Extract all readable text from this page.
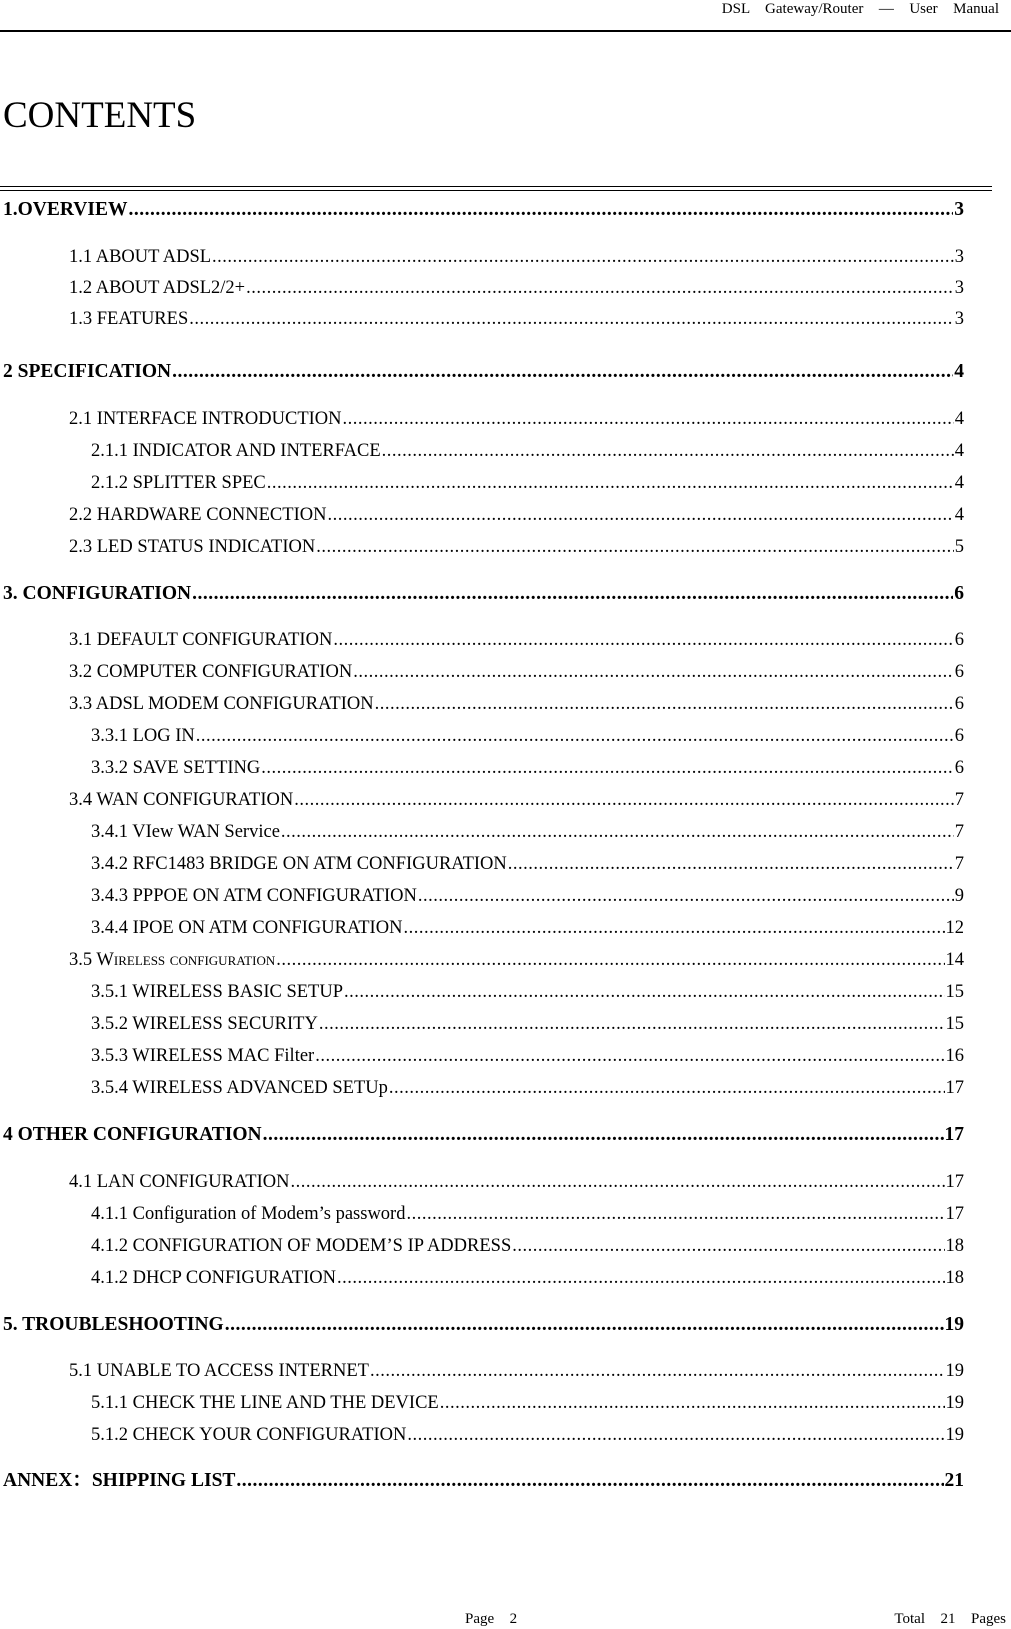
DSL  Gateway/Router  —  User  Manual
CONTENTS
1.OVERVIEW .....	3
1.1 ABOUT ADSL .....	3
1.2 ABOUT ADSL2/2+ .....	3
1.3 FEATURES .....	3
2 SPECIFICATION .....	4
2.1 INTERFACE INTRODUCTION .....	4
2.1.1 INDICATOR AND INTERFACE .....	4
2.1.2 SPLITTER SPEC .....	4
2.2 HARDWARE CONNECTION .....	4
2.3 LED STATUS INDICATION .....	5
3. CONFIGURATION .....	6
3.1 DEFAULT CONFIGURATION .....	6
3.2 COMPUTER CONFIGURATION .....	6
3.3 ADSL MODEM CONFIGURATION .....	6
3.3.1 LOG IN .....	6
3.3.2 SAVE SETTING .....	6
3.4 WAN CONFIGURATION .....	7
3.4.1 VIew WAN Service .....	7
3.4.2 RFC1483 BRIDGE ON ATM CONFIGURATION .....	7
3.4.3 PPPOE ON ATM CONFIGURATION .....	9
3.4.4 IPOE ON ATM CONFIGURATION .....	12
3.5 Wireless configuration .....	14
3.5.1 WIRELESS BASIC SETUP .....	15
3.5.2 WIRELESS SECURITY .....	15
3.5.3 WIRELESS MAC Filter .....	16
3.5.4 WIRELESS ADVANCED SETUp .....	17
4 OTHER CONFIGURATION .....	17
4.1 LAN CONFIGURATION .....	17
4.1.1 Configuration of Modem’s password .....	17
4.1.2 CONFIGURATION OF MODEM’S IP ADDRESS .....	18
4.1.2 DHCP CONFIGURATION .....	18
5. TROUBLESHOOTING .....	19
5.1 UNABLE TO ACCESS INTERNET .....	19
5.1.1 CHECK THE LINE AND THE DEVICE .....	19
5.1.2 CHECK YOUR CONFIGURATION .....	19
ANNEX：SHIPPING LIST .....	21
Page  2	Total  21  Pages
